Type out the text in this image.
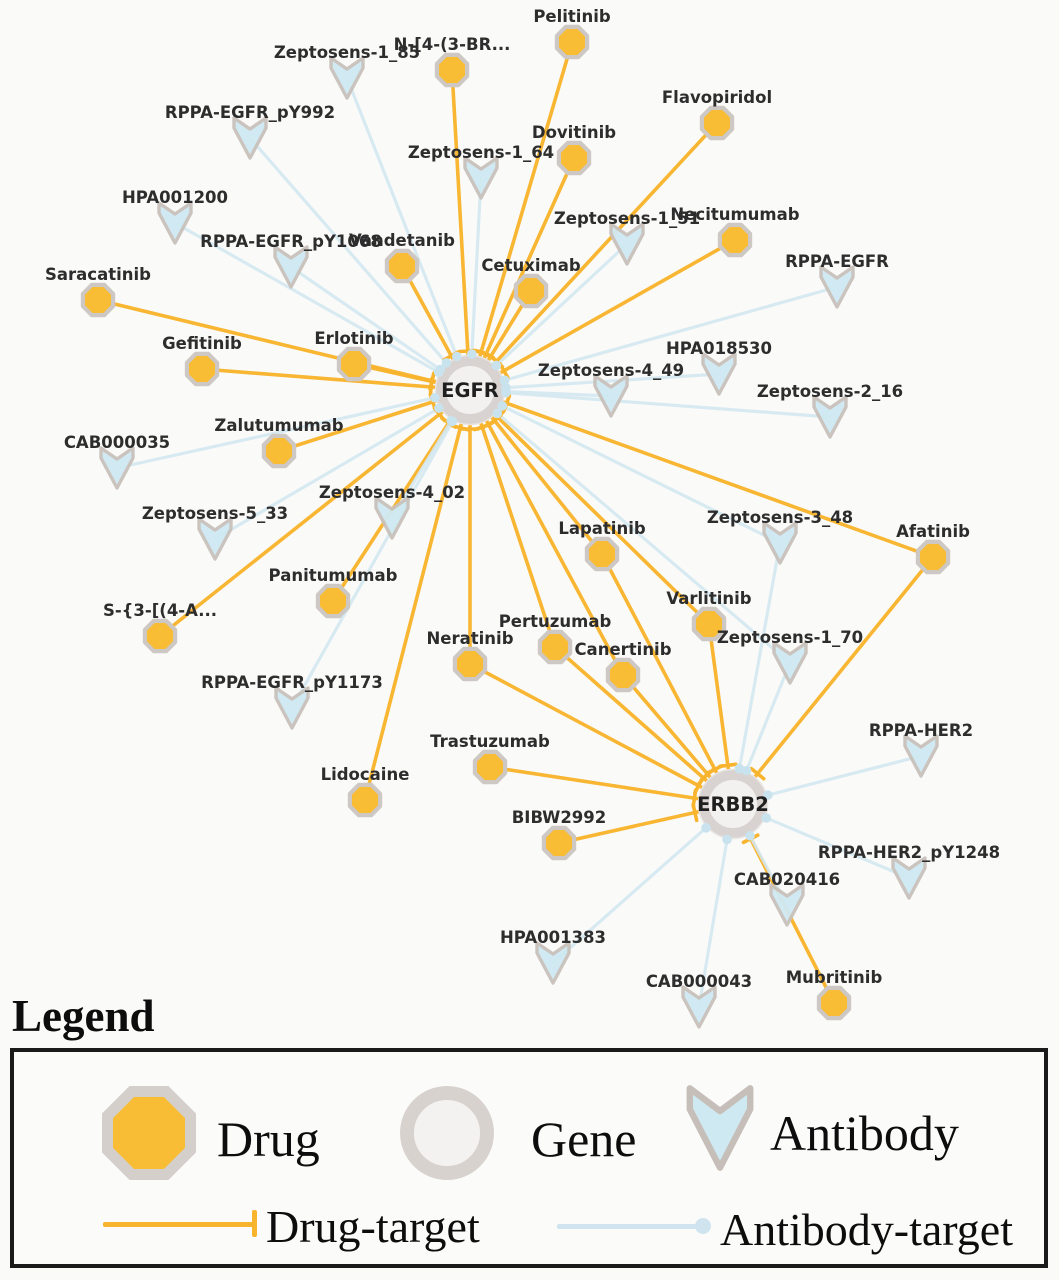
EGFR
ERBB2
Pelitinib
N-[4-(3-BR...
Flavopiridol
Dovitinib
Necitumumab
Vandetanib
Cetuximab
Saracatinib
Gefitinib	Erlotinib
Zalutumumab
Panitumumab
S-{3-[(4-A...
Lapatinib	Afatinib
Varlitinib
Pertuzumab
Neratinib
Canertinib
Trastuzumab
Lidocaine
BIBW2992
Mubritinib
Zeptosens-1_85
RPPA-EGFR_pY992
Zeptosens-1_64
HPA001200
Zeptosens-1_51
RPPA-EGFR_pY1068
RPPA-EGFR
HPA018530
Zeptosens-4_49
Zeptosens-2_16
CAB000035
Zeptosens-4_02
Zeptosens-5_33	Zeptosens-3_48
Zeptosens-1_70
RPPA-EGFR_pY1173
RPPA-HER2
RPPA-HER2_pY1248
CAB020416
HPA001383
CAB000043
Legend
Drug	Gene	Antibody
Drug-target	Antibody-target
